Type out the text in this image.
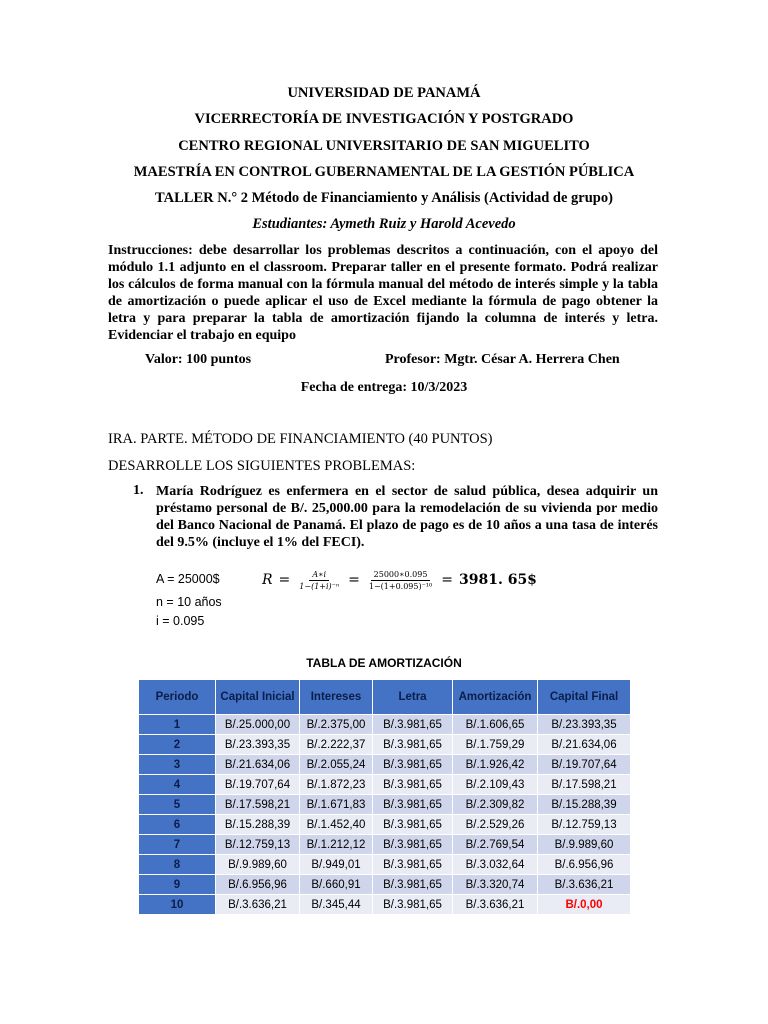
UNIVERSIDAD DE PANAMÁ
VICERRECTORÍA DE INVESTIGACIÓN Y POSTGRADO
CENTRO REGIONAL UNIVERSITARIO DE SAN MIGUELITO
MAESTRÍA EN CONTROL GUBERNAMENTAL DE LA GESTIÓN PÚBLICA
TALLER N.° 2 Método de Financiamiento y Análisis (Actividad de grupo)
Estudiantes: Aymeth Ruiz y Harold Acevedo
Instrucciones: debe desarrollar los problemas descritos a continuación, con el apoyo del módulo 1.1 adjunto en el classroom. Preparar taller en el presente formato. Podrá realizar los cálculos de forma manual con la fórmula manual del método de interés simple y la tabla de amortización o puede aplicar el uso de Excel mediante la fórmula de pago obtener la letra y para preparar la tabla de amortización fijando la columna de interés y letra. Evidenciar el trabajo en equipo
Valor: 100 puntos	Profesor: Mgtr. César A. Herrera Chen
Fecha de entrega: 10/3/2023
IRA. PARTE. MÉTODO DE FINANCIAMIENTO (40 PUNTOS)
DESARROLLE LOS SIGUIENTES PROBLEMAS:
1. María Rodríguez es enfermera en el sector de salud pública, desea adquirir un préstamo personal de B/. 25,000.00 para la remodelación de su vivienda por medio del Banco Nacional de Panamá. El plazo de pago es de 10 años a una tasa de interés del 9.5% (incluye el 1% del FECI).
A = 25000$
n = 10 años
i = 0.095
$R = \frac{A∗i}{\text{1−(1+i)⁻ⁿ}} = \frac{25000∗0.095}{\text{1−(1+0.095)⁻¹⁰}} = 3981$. 65$
TABLA DE AMORTIZACIÓN
Periodo	Capital Inicial	Intereses	Letra	Amortización	Capital Final
1	B/.25.000,00	B/.2.375,00	B/.3.981,65	B/.1.606,65	B/.23.393,35
2	B/.23.393,35	B/.2.222,37	B/.3.981,65	B/.1.759,29	B/.21.634,06
3	B/.21.634,06	B/.2.055,24	B/.3.981,65	B/.1.926,42	B/.19.707,64
4	B/.19.707,64	B/.1.872,23	B/.3.981,65	B/.2.109,43	B/.17.598,21
5	B/.17.598,21	B/.1.671,83	B/.3.981,65	B/.2.309,82	B/.15.288,39
6	B/.15.288,39	B/.1.452,40	B/.3.981,65	B/.2.529,26	B/.12.759,13
7	B/.12.759,13	B/.1.212,12	B/.3.981,65	B/.2.769,54	B/.9.989,60
8	B/.9.989,60	B/.949,01	B/.3.981,65	B/.3.032,64	B/.6.956,96
9	B/.6.956,96	B/.660,91	B/.3.981,65	B/.3.320,74	B/.3.636,21
10	B/.3.636,21	B/.345,44	B/.3.981,65	B/.3.636,21	B/.0,00
